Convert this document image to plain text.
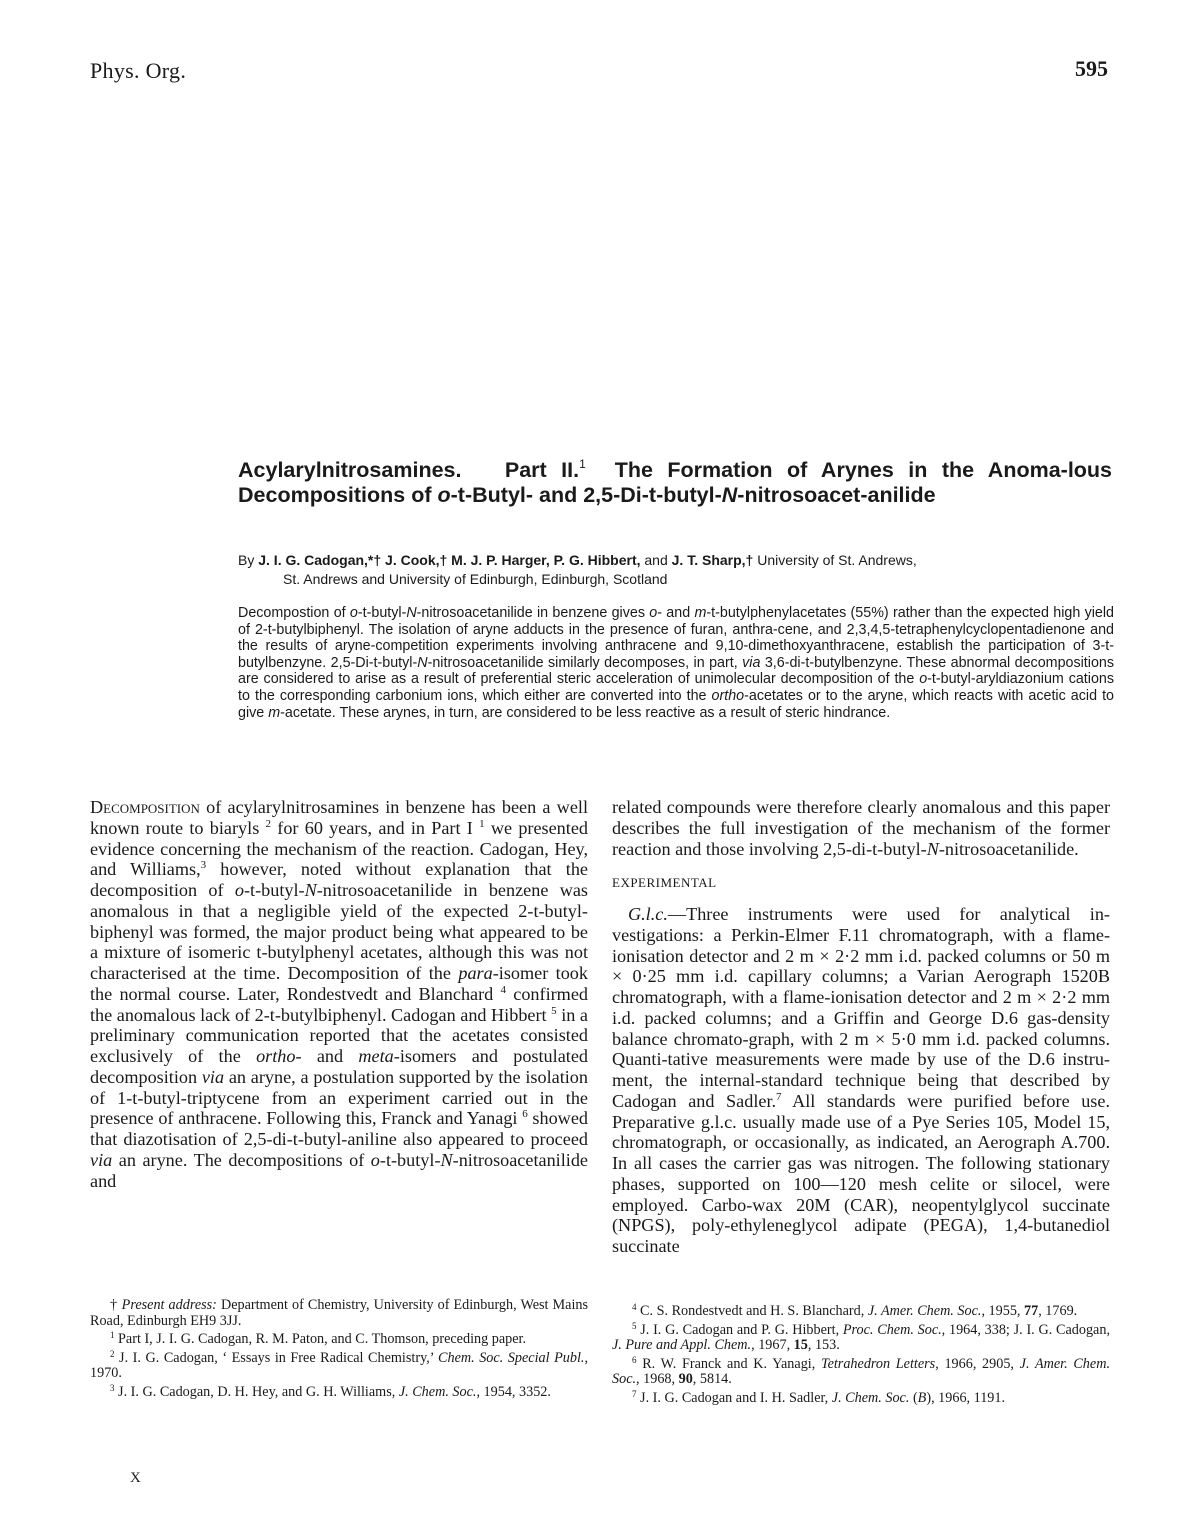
Phys. Org.	595
Acylarylnitrosamines. Part II.$^1$ The Formation of Arynes in the Anoma-lous Decompositions of o-t-Butyl- and 2,5-Di-t-butyl-N-nitrosoacet-anilide
By J. I. G. Cadogan,*† J. Cook,† M. J. P. Harger, P. G. Hibbert, and J. T. Sharp,† University of St. Andrews,
St. Andrews and University of Edinburgh, Edinburgh, Scotland
Decompostion of o-t-butyl-N-nitrosoacetanilide in benzene gives o- and m-t-butylphenylacetates (55%) rather than the expected high yield of 2-t-butylbiphenyl. The isolation of aryne adducts in the presence of furan, anthra-cene, and 2,3,4,5-tetraphenylcyclopentadienone and the results of aryne-competition experiments involving anthracene and 9,10-dimethoxyanthracene, establish the participation of 3-t-butylbenzyne. 2,5-Di-t-butyl-N-nitrosoacetanilide similarly decomposes, in part, via 3,6-di-t-butylbenzyne. These abnormal decompositions are considered to arise as a result of preferential steric acceleration of unimolecular decomposition of the o-t-butyl-aryldiazonium cations to the corresponding carbonium ions, which either are converted into the ortho-acetates or to the aryne, which reacts with acetic acid to give m-acetate. These arynes, in turn, are considered to be less reactive as a result of steric hindrance.
Decomposition of acylarylnitrosamines in benzene has been a well known route to biaryls $^2$ for 60 years, and in Part I $^1$ we presented evidence concerning the mechanism of the reaction. Cadogan, Hey, and Williams,$^3$ however, noted without explanation that the decomposition of o-t-butyl-N-nitrosoacetanilide in benzene was anomalous in that a negligible yield of the expected 2-t-butyl-biphenyl was formed, the major product being what appeared to be a mixture of isomeric t-butylphenyl acetates, although this was not characterised at the time. Decomposition of the para-isomer took the normal course. Later, Rondestvedt and Blanchard $^4$ confirmed the anomalous lack of 2-t-butylbiphenyl. Cadogan and Hibbert $^5$ in a preliminary communication reported that the acetates consisted exclusively of the ortho- and meta-isomers and postulated decomposition via an aryne, a postulation supported by the isolation of 1-t-butyl-triptycene from an experiment carried out in the presence of anthracene. Following this, Franck and Yanagi $^6$ showed that diazotisation of 2,5-di-t-butyl-aniline also appeared to proceed via an aryne. The decompositions of o-t-butyl-N-nitrosoacetanilide and
related compounds were therefore clearly anomalous and this paper describes the full investigation of the mechanism of the former reaction and those involving 2,5-di-t-butyl-N-nitrosoacetanilide.
EXPERIMENTAL
G.l.c.—Three instruments were used for analytical in-vestigations: a Perkin-Elmer F.11 chromatograph, with a flame-ionisation detector and 2 m × 2·2 mm i.d. packed columns or 50 m × 0·25 mm i.d. capillary columns; a Varian Aerograph 1520B chromatograph, with a flame-ionisation detector and 2 m × 2·2 mm i.d. packed columns; and a Griffin and George D.6 gas-density balance chromato-graph, with 2 m × 5·0 mm i.d. packed columns. Quanti-tative measurements were made by use of the D.6 instru-ment, the internal-standard technique being that described by Cadogan and Sadler.$^7$ All standards were purified before use. Preparative g.l.c. usually made use of a Pye Series 105, Model 15, chromatograph, or occasionally, as indicated, an Aerograph A.700. In all cases the carrier gas was nitrogen. The following stationary phases, supported on 100—120 mesh celite or silocel, were employed. Carbo-wax 20M (CAR), neopentylglycol succinate (NPGS), poly-ethyleneglycol adipate (PEGA), 1,4-butanediol succinate

† Present address: Department of Chemistry, University of Edinburgh, West Mains Road, Edinburgh EH9 3JJ.

$^1$ Part I, J. I. G. Cadogan, R. M. Paton, and C. Thomson, preceding paper.

$^2$ J. I. G. Cadogan, ‘ Essays in Free Radical Chemistry,’ Chem. Soc. Special Publ., 1970.

$^3$ J. I. G. Cadogan, D. H. Hey, and G. H. Williams, J. Chem. Soc., 1954, 3352.

$^4$ C. S. Rondestvedt and H. S. Blanchard, J. Amer. Chem. Soc., 1955, 77, 1769.

$^5$ J. I. G. Cadogan and P. G. Hibbert, Proc. Chem. Soc., 1964, 338; J. I. G. Cadogan, J. Pure and Appl. Chem., 1967, 15, 153.

$^6$ R. W. Franck and K. Yanagi, Tetrahedron Letters, 1966, 2905, J. Amer. Chem. Soc., 1968, 90, 5814.

$^7$ J. I. G. Cadogan and I. H. Sadler, J. Chem. Soc. (B), 1966, 1191.

X
